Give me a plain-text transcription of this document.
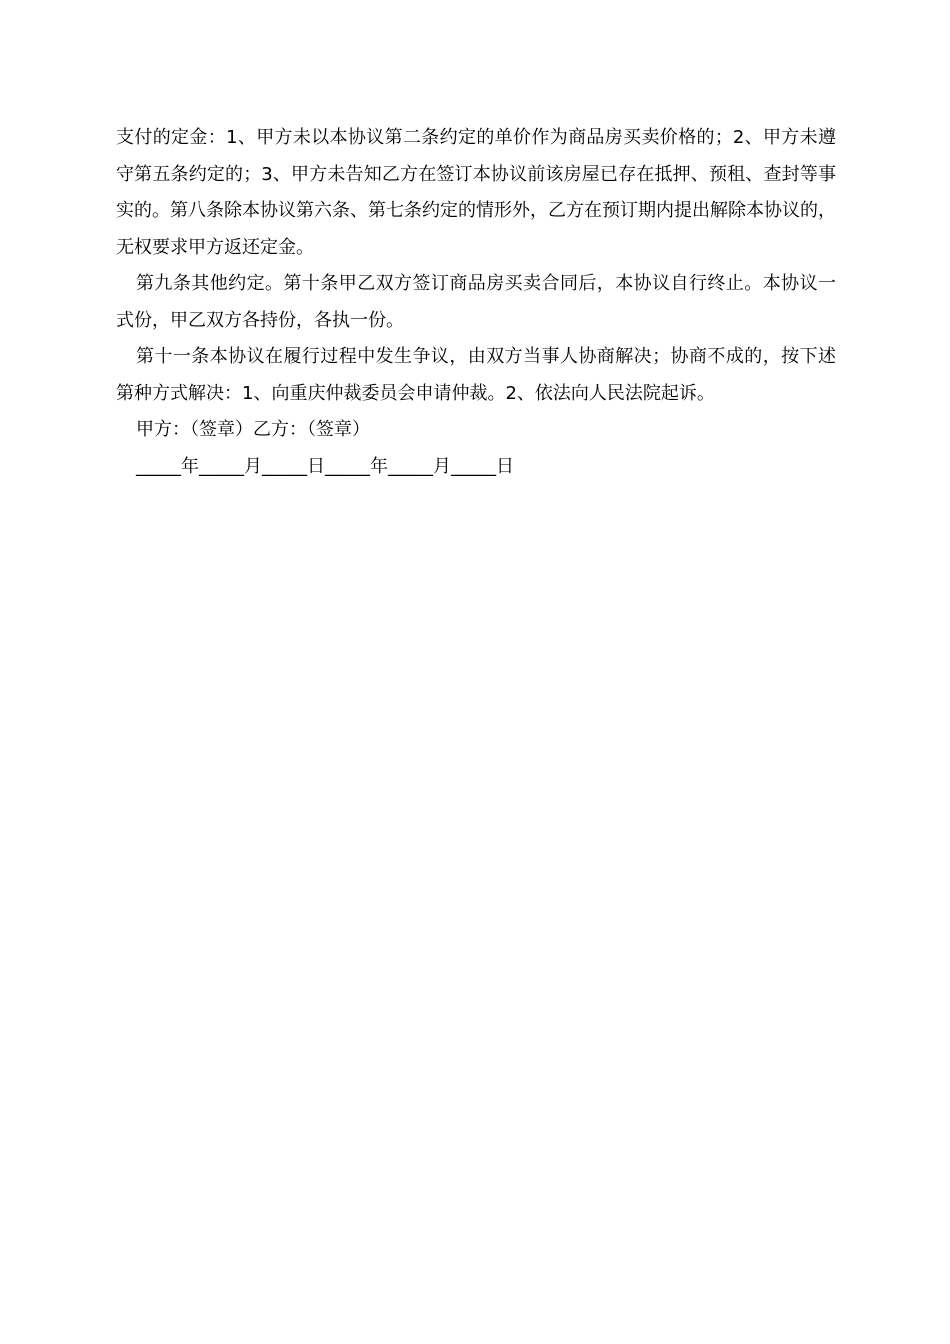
支付的定金：1、甲方未以本协议第二条约定的单价作为商品房买卖价格的；2、甲方未遵守第五条约定的；3、甲方未告知乙方在签订本协议前该房屋已存在抵押、预租、查封等事实的。第八条除本协议第六条、第七条约定的情形外，乙方在预订期内提出解除本协议的，无权要求甲方返还定金。

第九条其他约定。第十条甲乙双方签订商品房买卖合同后，本协议自行终止。本协议一式份，甲乙双方各持份，各执一份。

第十一条本协议在履行过程中发生争议，由双方当事人协商解决；协商不成的，按下述第种方式解决：1、向重庆仲裁委员会申请仲裁。2、依法向人民法院起诉。

甲方：（签章）乙方：（签章）

_____年_____月_____日_____年_____月_____日
